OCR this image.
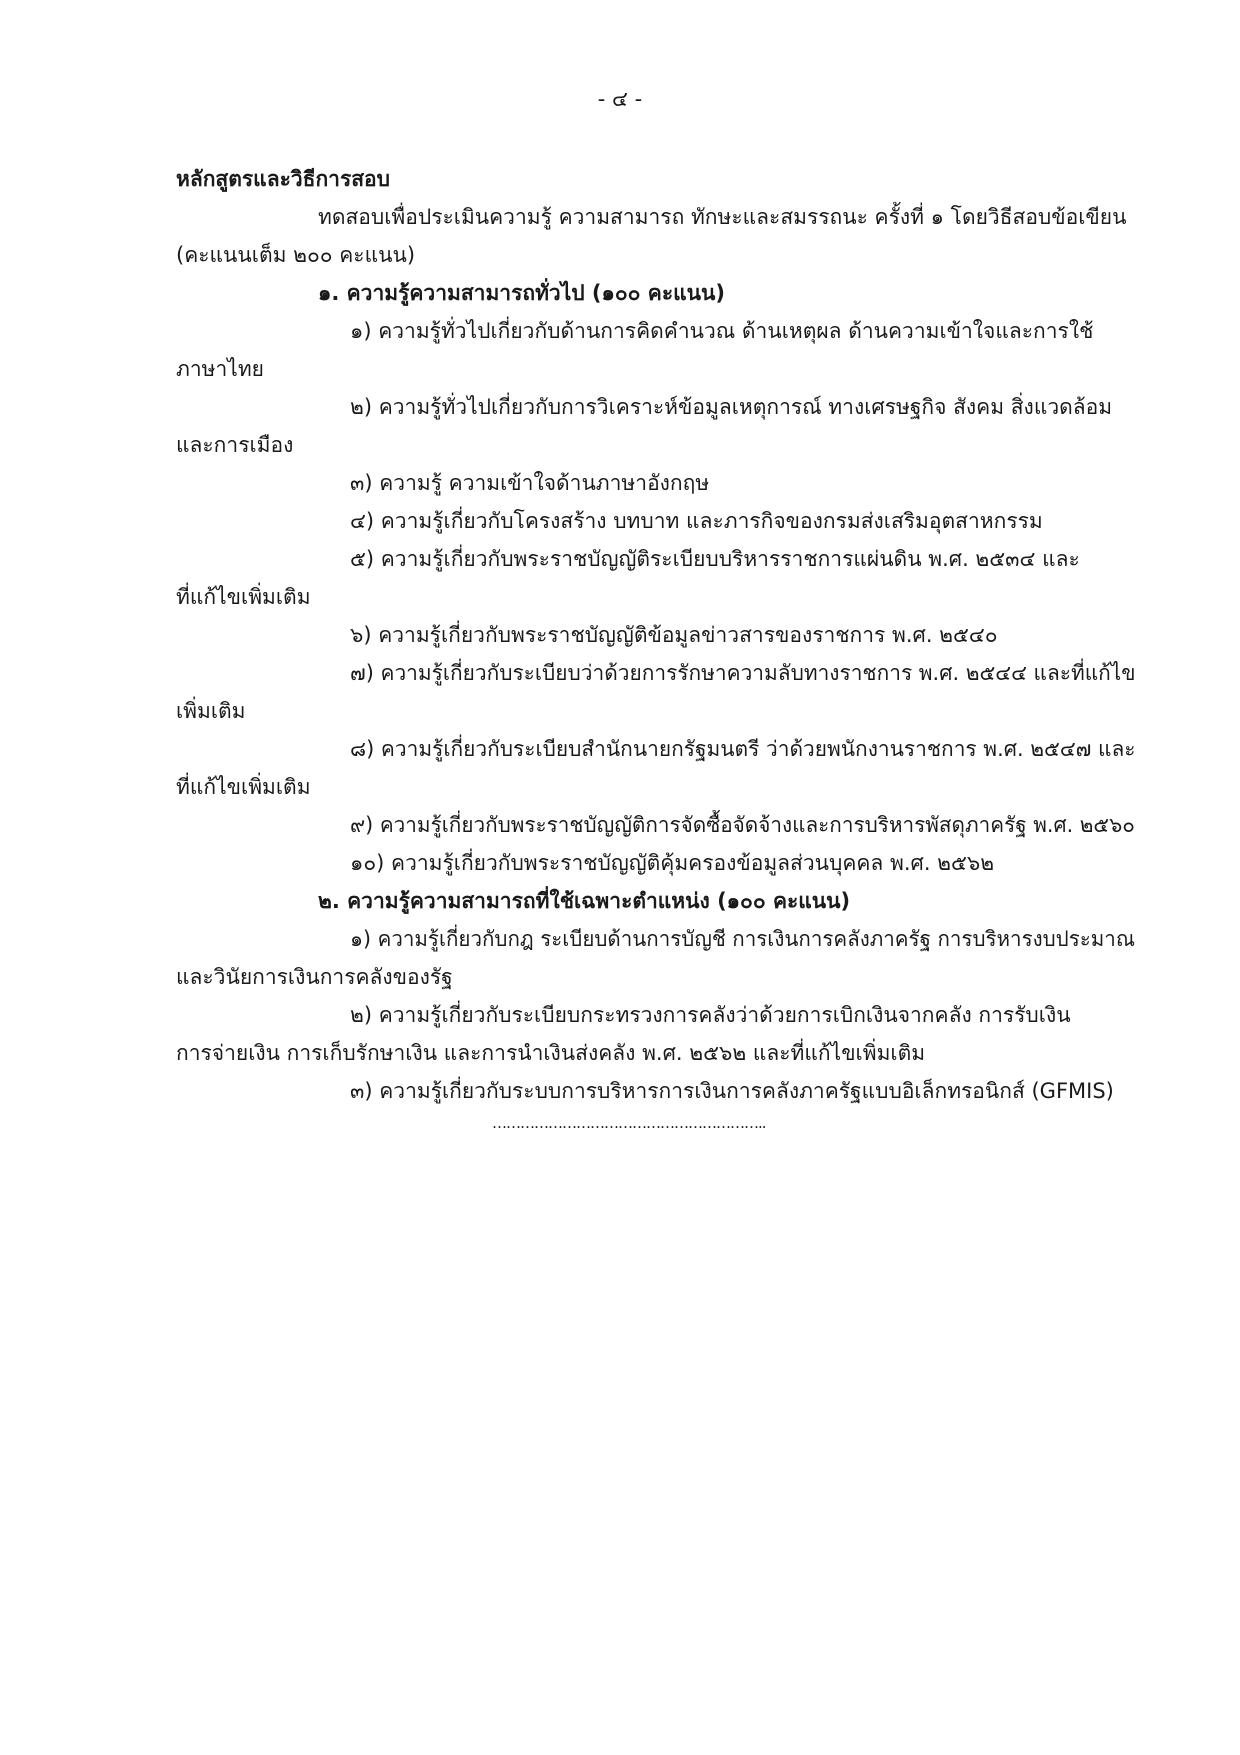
- ๔ -
หลักสูตรและวิธีการสอบ
ทดสอบเพื่อประเมินความรู้ ความสามารถ ทักษะและสมรรถนะ ครั้งที่ ๑ โดยวิธีสอบข้อเขียน
(คะแนนเต็ม ๒๐๐ คะแนน)
๑. ความรู้ความสามารถทั่วไป (๑๐๐ คะแนน)
๑) ความรู้ทั่วไปเกี่ยวกับด้านการคิดคำนวณ ด้านเหตุผล ด้านความเข้าใจและการใช้
ภาษาไทย
๒) ความรู้ทั่วไปเกี่ยวกับการวิเคราะห์ข้อมูลเหตุการณ์ ทางเศรษฐกิจ สังคม สิ่งแวดล้อม
และการเมือง
๓) ความรู้ ความเข้าใจด้านภาษาอังกฤษ
๔) ความรู้เกี่ยวกับโครงสร้าง บทบาท และภารกิจของกรมส่งเสริมอุตสาหกรรม
๕) ความรู้เกี่ยวกับพระราชบัญญัติระเบียบบริหารราชการแผ่นดิน พ.ศ. ๒๕๓๔ และ
ที่แก้ไขเพิ่มเติม
๖) ความรู้เกี่ยวกับพระราชบัญญัติข้อมูลข่าวสารของราชการ พ.ศ. ๒๕๔๐
๗) ความรู้เกี่ยวกับระเบียบว่าด้วยการรักษาความลับทางราชการ พ.ศ. ๒๕๔๔ และที่แก้ไข
เพิ่มเติม
๘) ความรู้เกี่ยวกับระเบียบสำนักนายกรัฐมนตรี ว่าด้วยพนักงานราชการ พ.ศ. ๒๕๔๗ และ
ที่แก้ไขเพิ่มเติม
๙) ความรู้เกี่ยวกับพระราชบัญญัติการจัดซื้อจัดจ้างและการบริหารพัสดุภาครัฐ พ.ศ. ๒๕๖๐
๑๐) ความรู้เกี่ยวกับพระราชบัญญัติคุ้มครองข้อมูลส่วนบุคคล พ.ศ. ๒๕๖๒
๒. ความรู้ความสามารถที่ใช้เฉพาะตำแหน่ง (๑๐๐ คะแนน)
๑) ความรู้เกี่ยวกับกฎ ระเบียบด้านการบัญชี การเงินการคลังภาครัฐ การบริหารงบประมาณ
และวินัยการเงินการคลังของรัฐ
๒) ความรู้เกี่ยวกับระเบียบกระทรวงการคลังว่าด้วยการเบิกเงินจากคลัง การรับเงิน
การจ่ายเงิน การเก็บรักษาเงิน และการนำเงินส่งคลัง พ.ศ. ๒๕๖๒ และที่แก้ไขเพิ่มเติม
๓) ความรู้เกี่ยวกับระบบการบริหารการเงินการคลังภาครัฐแบบอิเล็กทรอนิกส์ (GFMIS)
…………………………………………………..
